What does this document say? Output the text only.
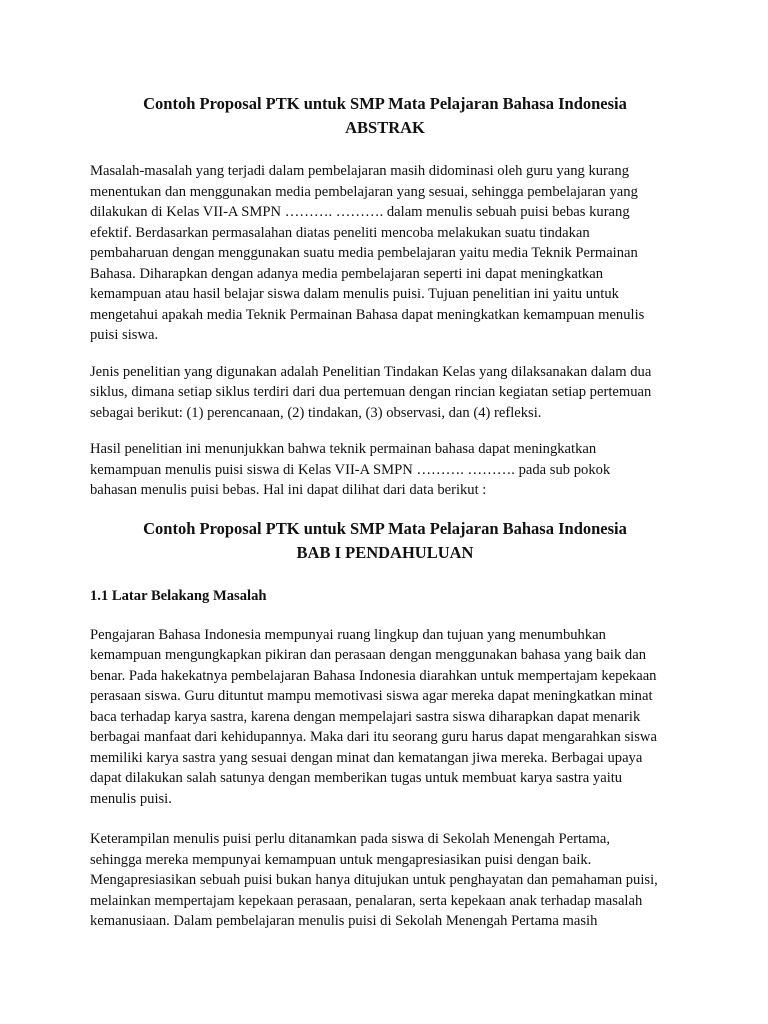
Contoh Proposal PTK untuk SMP Mata Pelajaran Bahasa Indonesia
ABSTRAK
Masalah-masalah yang terjadi dalam pembelajaran masih didominasi oleh guru yang kurang
menentukan dan menggunakan media pembelajaran yang sesuai, sehingga pembelajaran yang
dilakukan di Kelas VII-A SMPN ………. ………. dalam menulis sebuah puisi bebas kurang
efektif. Berdasarkan permasalahan diatas peneliti mencoba melakukan suatu tindakan
pembaharuan dengan menggunakan suatu media pembelajaran yaitu media Teknik Permainan
Bahasa. Diharapkan dengan adanya media pembelajaran seperti ini dapat meningkatkan
kemampuan atau hasil belajar siswa dalam menulis puisi. Tujuan penelitian ini yaitu untuk
mengetahui apakah media Teknik Permainan Bahasa dapat meningkatkan kemampuan menulis
puisi siswa.
Jenis penelitian yang digunakan adalah Penelitian Tindakan Kelas yang dilaksanakan dalam dua
siklus, dimana setiap siklus terdiri dari dua pertemuan dengan rincian kegiatan setiap pertemuan
sebagai berikut: (1) perencanaan, (2) tindakan, (3) observasi, dan (4) refleksi.
Hasil penelitian ini menunjukkan bahwa teknik permainan bahasa dapat meningkatkan
kemampuan menulis puisi siswa di Kelas VII-A SMPN ………. ………. pada sub pokok
bahasan menulis puisi bebas. Hal ini dapat dilihat dari data berikut :
Contoh Proposal PTK untuk SMP Mata Pelajaran Bahasa Indonesia
BAB I PENDAHULUAN
1.1 Latar Belakang Masalah
Pengajaran Bahasa Indonesia mempunyai ruang lingkup dan tujuan yang menumbuhkan
kemampuan mengungkapkan pikiran dan perasaan dengan menggunakan bahasa yang baik dan
benar. Pada hakekatnya pembelajaran Bahasa Indonesia diarahkan untuk mempertajam kepekaan
perasaan siswa. Guru dituntut mampu memotivasi siswa agar mereka dapat meningkatkan minat
baca terhadap karya sastra, karena dengan mempelajari sastra siswa diharapkan dapat menarik
berbagai manfaat dari kehidupannya. Maka dari itu seorang guru harus dapat mengarahkan siswa
memiliki karya sastra yang sesuai dengan minat dan kematangan jiwa mereka. Berbagai upaya
dapat dilakukan salah satunya dengan memberikan tugas untuk membuat karya sastra yaitu
menulis puisi.
Keterampilan menulis puisi perlu ditanamkan pada siswa di Sekolah Menengah Pertama,
sehingga mereka mempunyai kemampuan untuk mengapresiasikan puisi dengan baik.
Mengapresiasikan sebuah puisi bukan hanya ditujukan untuk penghayatan dan pemahaman puisi,
melainkan mempertajam kepekaan perasaan, penalaran, serta kepekaan anak terhadap masalah
kemanusiaan. Dalam pembelajaran menulis puisi di Sekolah Menengah Pertama masih
